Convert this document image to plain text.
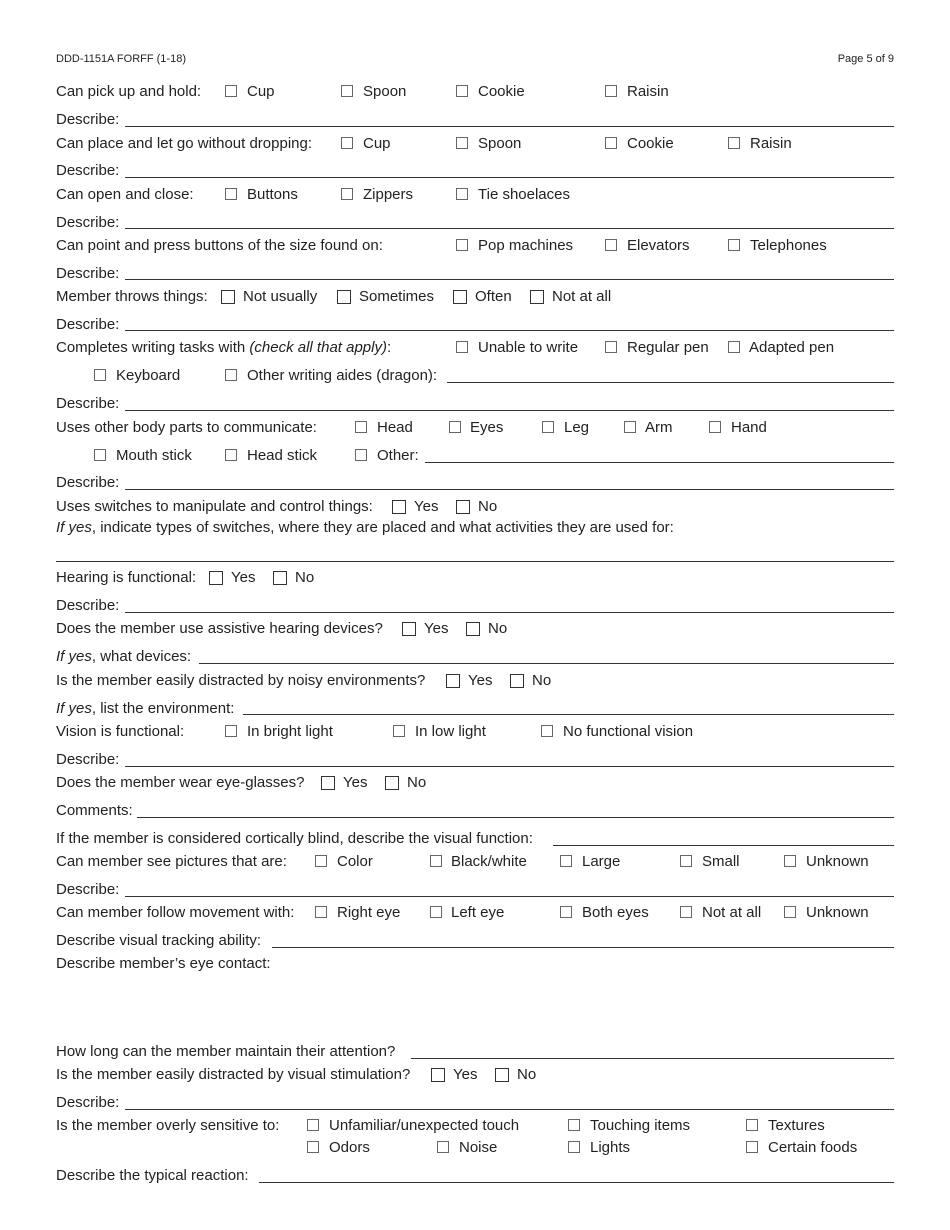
DDD-1151A FORFF (1-18)	Page 5 of 9
Can pick up and hold:	Cup	Spoon	Cookie	Raisin
Describe:
Can place and let go without dropping:	Cup	Spoon	Cookie	Raisin
Describe:
Can open and close:	Buttons	Zippers	Tie shoelaces
Describe:
Can point and press buttons of the size found on:	Pop machines	Elevators	Telephones
Describe:
Member throws things: Not usually	Sometimes	Often	Not at all
Describe:
Completes writing tasks with (check all that apply):	Unable to write	Regular pen	Adapted pen
Keyboard	Other writing aides (dragon):
Describe:
Uses other body parts to communicate:	Head	Eyes	Leg	Arm	Hand
Mouth stick	Head stick	Other:
Describe:
Uses switches to manipulate and control things:	Yes	No
If yes, indicate types of switches, where they are placed and what activities they are used for:
Hearing is functional: Yes	No
Describe:
Does the member use assistive hearing devices?	Yes	No
If yes, what devices:
Is the member easily distracted by noisy environments?	Yes	No
If yes, list the environment:
Vision is functional:	In bright light	In low light	No functional vision
Describe:
Does the member wear eye-glasses?	Yes	No
Comments:
If the member is considered cortically blind, describe the visual function:
Can member see pictures that are:	Color	Black/white	Large	Small	Unknown
Describe:
Can member follow movement with:	Right eye	Left eye	Both eyes	Not at all	Unknown
Describe visual tracking ability:
Describe member’s eye contact:
How long can the member maintain their attention?
Is the member easily distracted by visual stimulation?	Yes	No
Describe:
Is the member overly sensitive to:	Unfamiliar/unexpected touch	Touching items	Textures
Odors	Noise	Lights	Certain foods
Describe the typical reaction:
